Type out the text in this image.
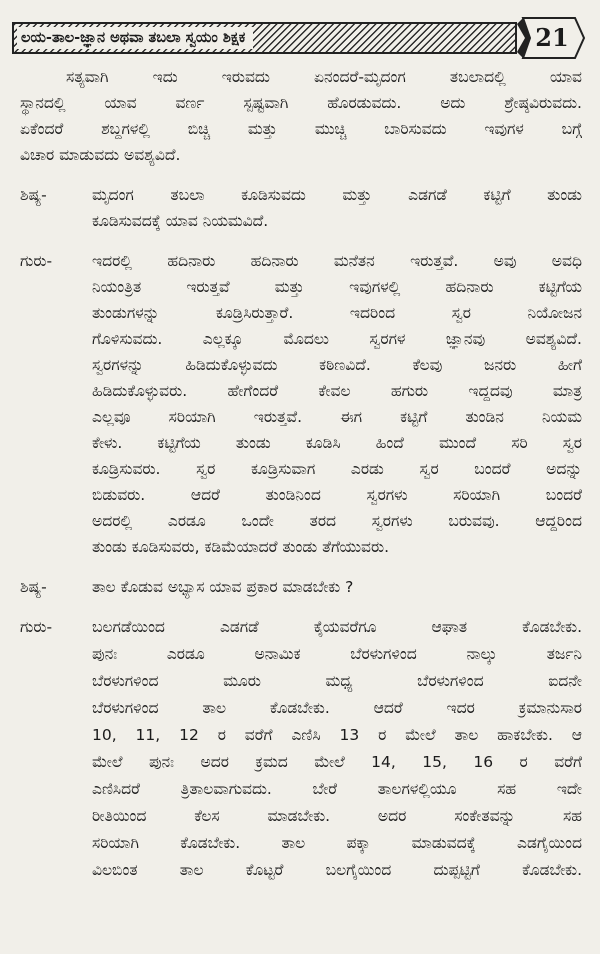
ಲಯ-ತಾಲ-ಜ್ಞಾನ ಅಥವಾ ತಬಲಾ ಸ್ವಯಂ ಶಿಕ್ಷಕ	21
ಸತ್ಯವಾಗಿ ಇದು ಇರುವದು ಏನಂದರೆ-ಮೃದಂಗ ತಬಲಾದಲ್ಲಿ ಯಾವ
ಸ್ಥಾನದಲ್ಲಿ ಯಾವ ವರ್ಣ ಸ್ಪಷ್ಟವಾಗಿ ಹೊರಡುವದು. ಅದು ಶ್ರೇಷ್ಠವಿರುವದು.
ಏಕೆಂದರೆ ಶಬ್ದಗಳಲ್ಲಿ ಬಿಚ್ಚಿ ಮತ್ತು ಮುಚ್ಚಿ ಬಾರಿಸುವದು ಇವುಗಳ ಬಗ್ಗೆ
ವಿಚಾರ ಮಾಡುವದು ಅವಶ್ಯವಿದೆ.
ಶಿಷ್ಯ-	ಮೃದಂಗ ತಬಲಾ ಕೂಡಿಸುವದು ಮತ್ತು ಎಡಗಡೆ ಕಟ್ಟಿಗೆ ತುಂಡು
ಕೂಡಿಸುವದಕ್ಕೆ ಯಾವ ನಿಯಮವಿದೆ.
ಗುರು-	ಇದರಲ್ಲಿ ಹದಿನಾರು ಹದಿನಾರು ಮನೆತನ ಇರುತ್ತವೆ. ಅವು ಅವಧಿ
ನಿಯಂತ್ರಿತ ಇರುತ್ತವೆ ಮತ್ತು ಇವುಗಳಲ್ಲಿ ಹದಿನಾರು ಕಟ್ಟಿಗೆಯ
ತುಂಡುಗಳನ್ನು ಕೂಡ್ರಿಸಿರುತ್ತಾರೆ. ಇದರಿಂದ ಸ್ವರ ನಿಯೋಜನ
ಗೊಳಿಸುವದು. ಎಲ್ಲಕ್ಕೂ ಮೊದಲು ಸ್ವರಗಳ ಜ್ಞಾನವು ಅವಶ್ಯವಿದೆ.
ಸ್ವರಗಳನ್ನು ಹಿಡಿದುಕೊಳ್ಳುವದು ಕಠಿಣವಿದೆ. ಕೆಲವು ಜನರು ಹೀಗೆ
ಹಿಡಿದುಕೊಳ್ಳುವರು. ಹೇಗೆಂದರೆ ಕೇವಲ ಹಗುರು ಇದ್ದದವು ಮಾತ್ರ
ಎಲ್ಲವೂ ಸರಿಯಾಗಿ ಇರುತ್ತವೆ. ಈಗ ಕಟ್ಟಿಗೆ ತುಂಡಿನ ನಿಯಮ
ಕೇಳು. ಕಟ್ಟಿಗೆಯ ತುಂಡು ಕೂಡಿಸಿ ಹಿಂದೆ ಮುಂದೆ ಸರಿ ಸ್ವರ
ಕೂಡ್ರಿಸುವರು. ಸ್ವರ ಕೂಡ್ರಿಸುವಾಗ ಎರಡು ಸ್ವರ ಬಂದರೆ ಅದನ್ನು
ಬಿಡುವರು. ಆದರೆ ತುಂಡಿನಿಂದ ಸ್ವರಗಳು ಸರಿಯಾಗಿ ಬಂದರೆ
ಅದರಲ್ಲಿ ಎರಡೂ ಒಂದೇ ತರದ ಸ್ವರಗಳು ಬರುವವು. ಆದ್ದರಿಂದ
ತುಂಡು ಕೂಡಿಸುವರು, ಕಡಿಮೆಯಾದರೆ ತುಂಡು ತೆಗೆಯುವರು.
ಶಿಷ್ಯ-	ತಾಲ ಕೊಡುವ ಅಭ್ಯಾಸ ಯಾವ ಪ್ರಕಾರ ಮಾಡಬೇಕು ?
ಗುರು-	ಬಲಗಡೆಯಿಂದ ಎಡಗಡೆ ಕೈಯವರೆಗೂ ಆಘಾತ ಕೊಡಬೇಕು.
ಪುನಃ ಎರಡೂ ಅನಾಮಿಕ ಬೆರಳುಗಳಿಂದ ನಾಲ್ಕು ತರ್ಜನಿ
ಬೆರಳುಗಳಿಂದ ಮೂರು ಮಧ್ಯ ಬೆರಳುಗಳಿಂದ ಐದನೇ
ಬೆರಳುಗಳಿಂದ ತಾಲ ಕೊಡಬೇಕು. ಆದರೆ ಇದರ ಕ್ರಮಾನುಸಾರ
10, 11, 12 ರ ವರೆಗೆ ಎಣಿಸಿ 13 ರ ಮೇಲೆ ತಾಲ ಹಾಕಬೇಕು. ಆ
ಮೇಲೆ ಪುನಃ ಅದರ ಕ್ರಮದ ಮೇಲೆ 14, 15, 16 ರ ವರೆಗೆ
ಎಣಿಸಿದರೆ ತ್ರಿತಾಲವಾಗುವದು. ಬೇರೆ ತಾಲಗಳಲ್ಲಿಯೂ ಸಹ ಇದೇ
ರೀತಿಯಿಂದ ಕೆಲಸ ಮಾಡಬೇಕು. ಅದರ ಸಂಕೇತವನ್ನು ಸಹ
ಸರಿಯಾಗಿ ಕೊಡಬೇಕು. ತಾಲ ಪಕ್ಕಾ ಮಾಡುವದಕ್ಕೆ ಎಡಗೈಯಿಂದ
ವಿಲಬಿಂತ ತಾಲ ಕೊಟ್ಟರೆ ಬಲಗೈಯಿಂದ ದುಪ್ಪಟ್ಟಿಗೆ ಕೊಡಬೇಕು.
